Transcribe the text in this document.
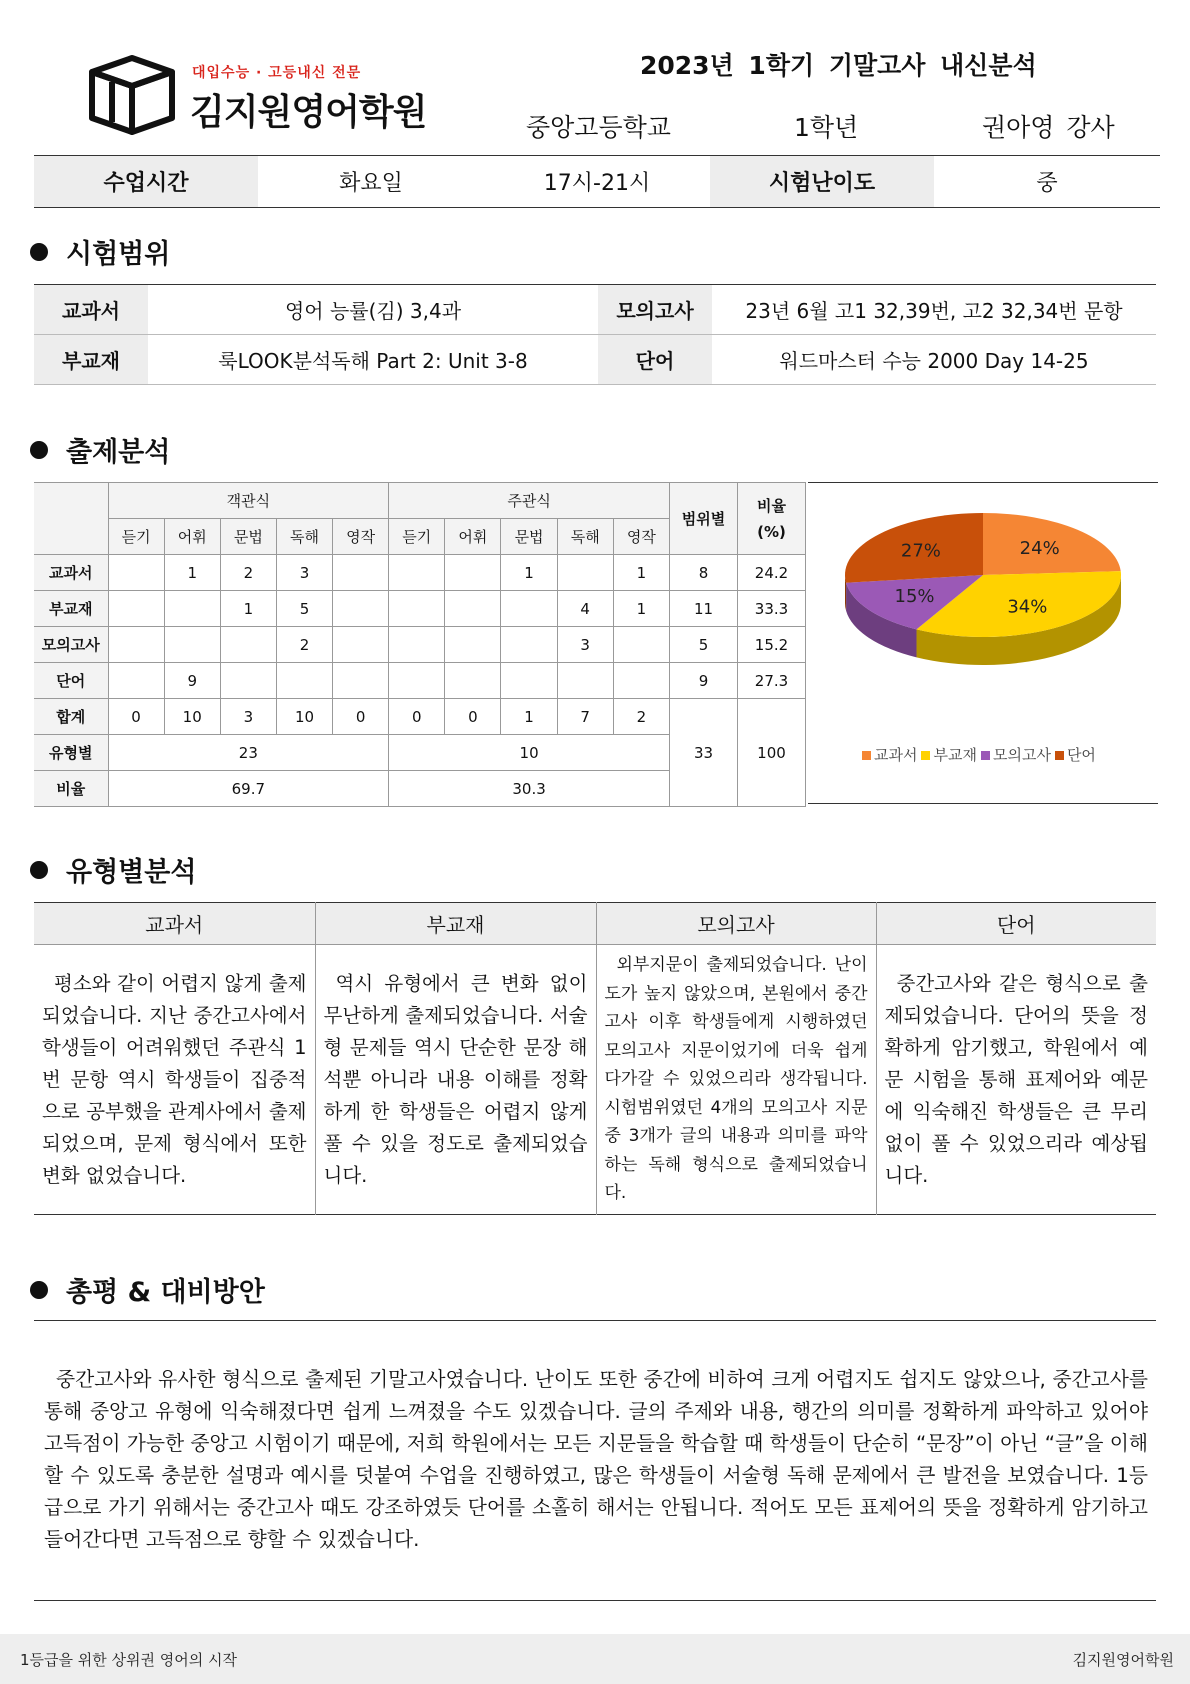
대입수능 · 고등내신 전문
김지원영어학원
2023년 1학기 기말고사 내신분석
중앙고등학교	1학년	권아영 강사
수업시간	화요일	17시-21시	시험난이도	중
시험범위
교과서	영어 능률(김) 3,4과	모의고사	23년 6월 고1 32,39번, 고2 32,34번 문항
부교재	룩LOOK분석독해 Part 2: Unit 3-8	단어	워드마스터 수능 2000 Day 14-25
출제분석
	객관식					주관식					범위별	비율
(%)
	듣기	어휘	문법	독해	영작	듣기	어휘	문법	독해	영작		
교과서		1	2	3				1		1	8	24.2
부교재			1	5					4	1	11	33.3
모의고사				2					3		5	15.2
단어		9									9	27.3
합계	0	10	3	10	0	0	0	1	7	2	33	100
유형별	23					10						
비율	69.7					30.3						
24%
34%
15%
27%
교과서	부교재	모의고사	단어
유형별분석
교과서	부교재	모의고사	단어
평소와 같이 어렵지 않게 출제되었습니다. 지난 중간고사에서 학생들이 어려워했던 주관식 1번 문항 역시 학생들이 집중적으로 공부했을 관계사에서 출제되었으며, 문제 형식에서 또한 변화 없었습니다.	역시 유형에서 큰 변화 없이 무난하게 출제되었습니다. 서술형 문제들 역시 단순한 문장 해석뿐 아니라 내용 이해를 정확하게 한 학생들은 어렵지 않게 풀 수 있을 정도로 출제되었습니다.	외부지문이 출제되었습니다. 난이도가 높지 않았으며, 본원에서 중간고사 이후 학생들에게 시행하였던 모의고사 지문이었기에 더욱 쉽게 다가갈 수 있었으리라 생각됩니다. 시험범위였던 4개의 모의고사 지문 중 3개가 글의 내용과 의미를 파악하는 독해 형식으로 출제되었습니다.	중간고사와 같은 형식으로 출제되었습니다. 단어의 뜻을 정확하게 암기했고, 학원에서 예문 시험을 통해 표제어와 예문에 익숙해진 학생들은 큰 무리 없이 풀 수 있었으리라 예상됩니다.
총평 & 대비방안
중간고사와 유사한 형식으로 출제된 기말고사였습니다. 난이도 또한 중간에 비하여 크게 어렵지도 쉽지도 않았으나, 중간고사를 통해 중앙고 유형에 익숙해졌다면 쉽게 느껴졌을 수도 있겠습니다. 글의 주제와 내용, 행간의 의미를 정확하게 파악하고 있어야 고득점이 가능한 중앙고 시험이기 때문에, 저희 학원에서는 모든 지문들을 학습할 때 학생들이 단순히 “문장”이 아닌 “글”을 이해할 수 있도록 충분한 설명과 예시를 덧붙여 수업을 진행하였고, 많은 학생들이 서술형 독해 문제에서 큰 발전을 보였습니다. 1등급으로 가기 위해서는 중간고사 때도 강조하였듯 단어를 소홀히 해서는 안됩니다. 적어도 모든 표제어의 뜻을 정확하게 암기하고 들어간다면 고득점으로 향할 수 있겠습니다.
1등급을 위한 상위권 영어의 시작	김지원영어학원
